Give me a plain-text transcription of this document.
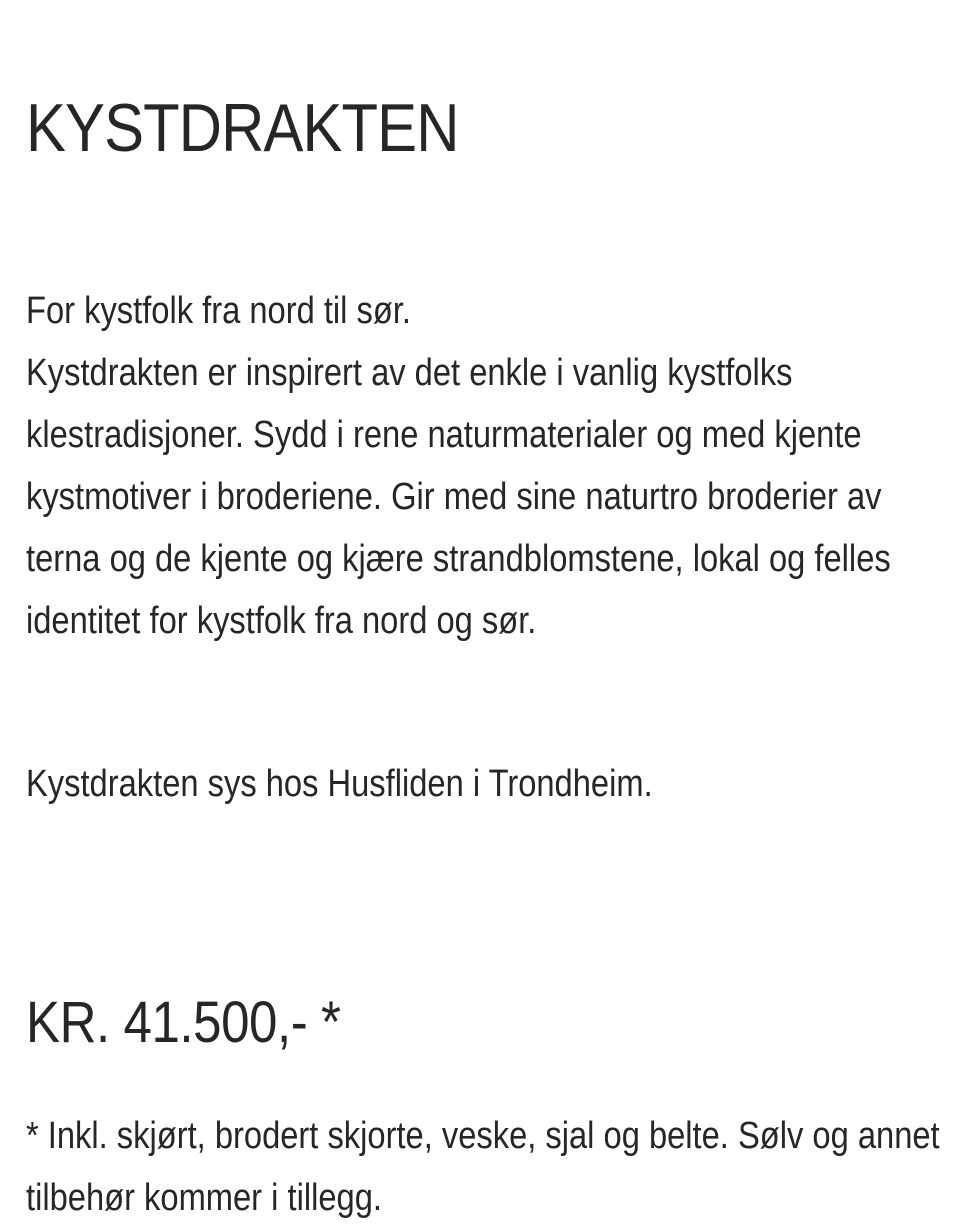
KYSTDRAKTEN
For kystfolk fra nord til sør.
Kystdrakten er inspirert av det enkle i vanlig kystfolks klestradisjoner. Sydd i rene naturmaterialer og med kjente kystmotiver i broderiene. Gir med sine naturtro broderier av terna og de kjente og kjære strandblomstene, lokal og felles identitet for kystfolk fra nord og sør.

Kystdrakten sys hos Husfliden i Trondheim.

KR. 41.500,- *

* Inkl. skjørt, brodert skjorte, veske, sjal og belte. Sølv og annet tilbehør kommer i tillegg.
